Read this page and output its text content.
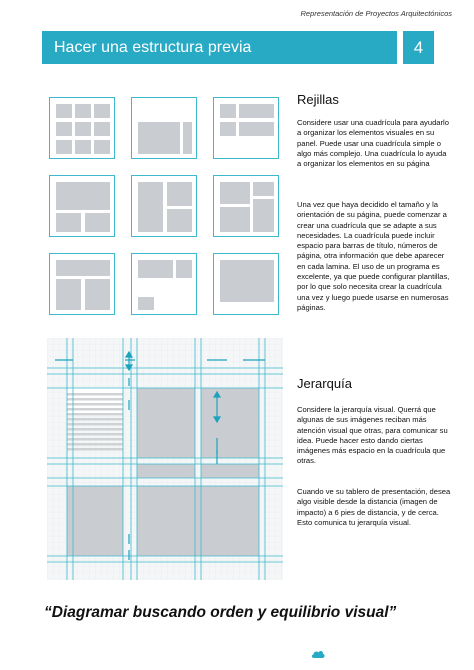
Representación de Proyectos Arquitectónicos
Hacer una estructura previa	4
Rejillas
Considere usar una cuadrícula para ayudarlo a organizar los elementos visuales en su panel. Puede usar una cuadrícula simple o algo más complejo. Una cuadrícula lo ayuda a organizar los elementos en su página
Una vez que haya decidido el tamaño y la orientación de su página, puede comenzar a crear una cuadrícula que se adapte a sus necesidades. La cuadrícula puede incluir espacio para barras de título, números de página, otra información que debe aparecer en cada lamina. El uso de un programa es excelente, ya que puede configurar plantillas, por lo que solo necesita crear la cuadrícula una vez y luego puede usarse en numerosas páginas.
Jerarquía
Considere la jerarquía visual. Querrá que algunas de sus imágenes reciban más atención visual que otras, para comunicar su idea. Puede hacer esto dando ciertas imágenes más espacio en la cuadrícula que otras.
Cuando ve su tablero de presentación, desea algo visible desde la distancia (imagen de impacto) a 6 pies de distancia, y de cerca. Esto comunica tu jerarquía visual.
“Diagramar buscando orden y equilibrio visual”
